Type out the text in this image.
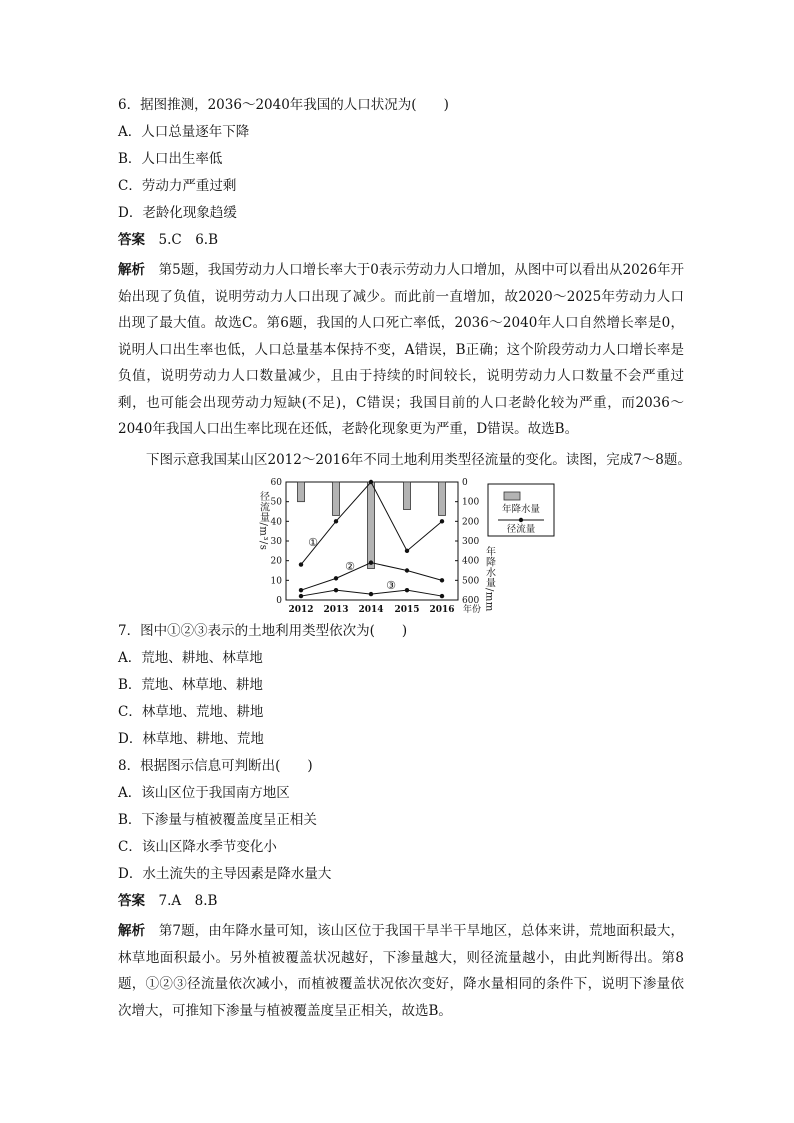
6．据图推测，2036～2040年我国的人口状况为(　　)
A．人口总量逐年下降
B．人口出生率低
C．劳动力严重过剩
D．老龄化现象趋缓
答案　 5.C　6.B
解析　 第5题，我国劳动力人口增长率大于0表示劳动力人口增加，从图中可以看出从2026年开始出现了负值，说明劳动力人口出现了减少。而此前一直增加，故2020～2025年劳动力人口出现了最大值。故选C。第6题，我国的人口死亡率低，2036～2040年人口自然增长率是0，说明人口出生率也低，人口总量基本保持不变，A错误，B正确；这个阶段劳动力人口增长率是负值，说明劳动力人口数量减少，且由于持续的时间较长，说明劳动力人口数量不会严重过剩，也可能会出现劳动力短缺(不足)，C错误；我国目前的人口老龄化较为严重，而2036～2040年我国人口出生率比现在还低，老龄化现象更为严重，D错误。故选B。
下图示意我国某山区2012～2016年不同土地利用类型径流量的变化。读图，完成7～8题。
0
10
20
30
40
50
60	0
100
200
300
400
500
600
2012 2013 2014 2015 2016 年份
径流量/m³/s
年降水量/mm
①
②
③
年降水量
径流量
7．图中①②③表示的土地利用类型依次为(　　)
A．荒地、耕地、林草地
B．荒地、林草地、耕地
C．林草地、荒地、耕地
D．林草地、耕地、荒地
8．根据图示信息可判断出(　　)
A．该山区位于我国南方地区
B．下渗量与植被覆盖度呈正相关
C．该山区降水季节变化小
D．水土流失的主导因素是降水量大
答案　 7.A　8.B
解析　 第7题，由年降水量可知，该山区位于我国干旱半干旱地区，总体来讲，荒地面积最大，林草地面积最小。另外植被覆盖状况越好，下渗量越大，则径流量越小，由此判断得出。第8题，①②③径流量依次减小，而植被覆盖状况依次变好，降水量相同的条件下，说明下渗量依次增大，可推知下渗量与植被覆盖度呈正相关，故选B。
